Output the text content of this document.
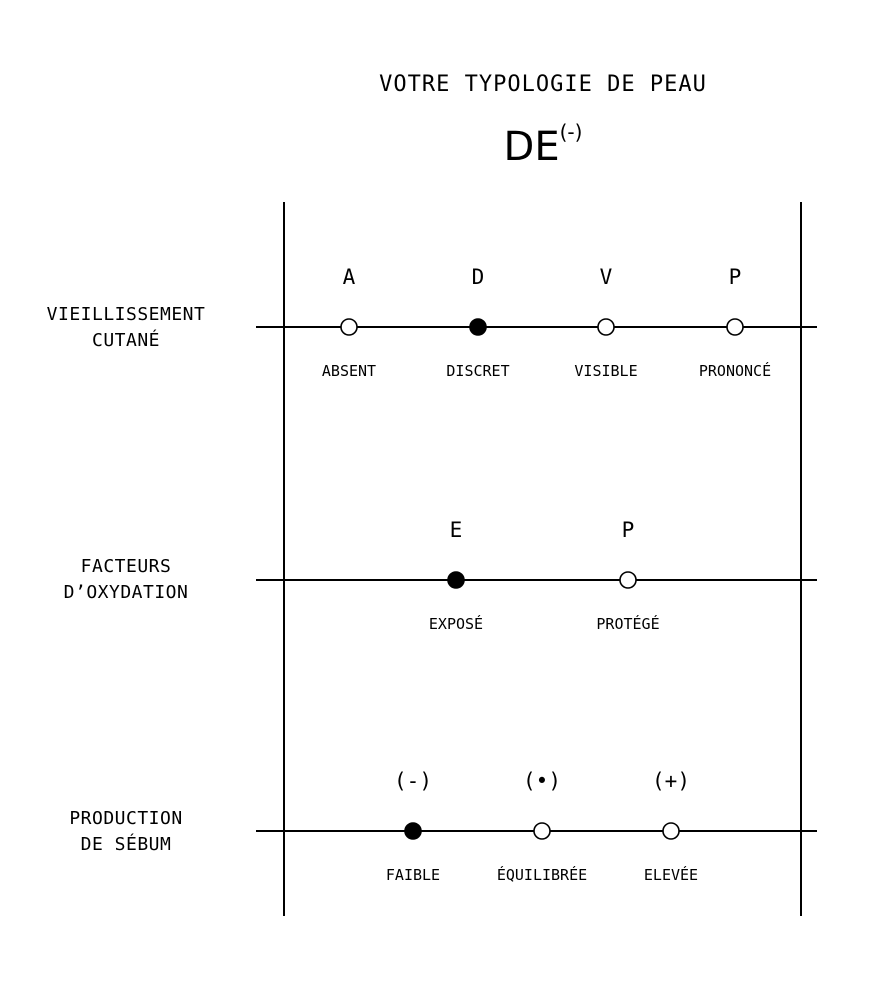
VOTRE TYPOLOGIE DE PEAU
DE(-)
VIEILLISSEMENT
CUTANÉ
FACTEURS
D’OXYDATION
PRODUCTION
DE SÉBUM
A
ABSENT
D
DISCRET
V
VISIBLE
P
PRONONCÉ
E
EXPOSÉ
P
PROTÉGÉ
(-)
FAIBLE
(•)
ÉQUILIBRÉE
(+)
ELEVÉE
